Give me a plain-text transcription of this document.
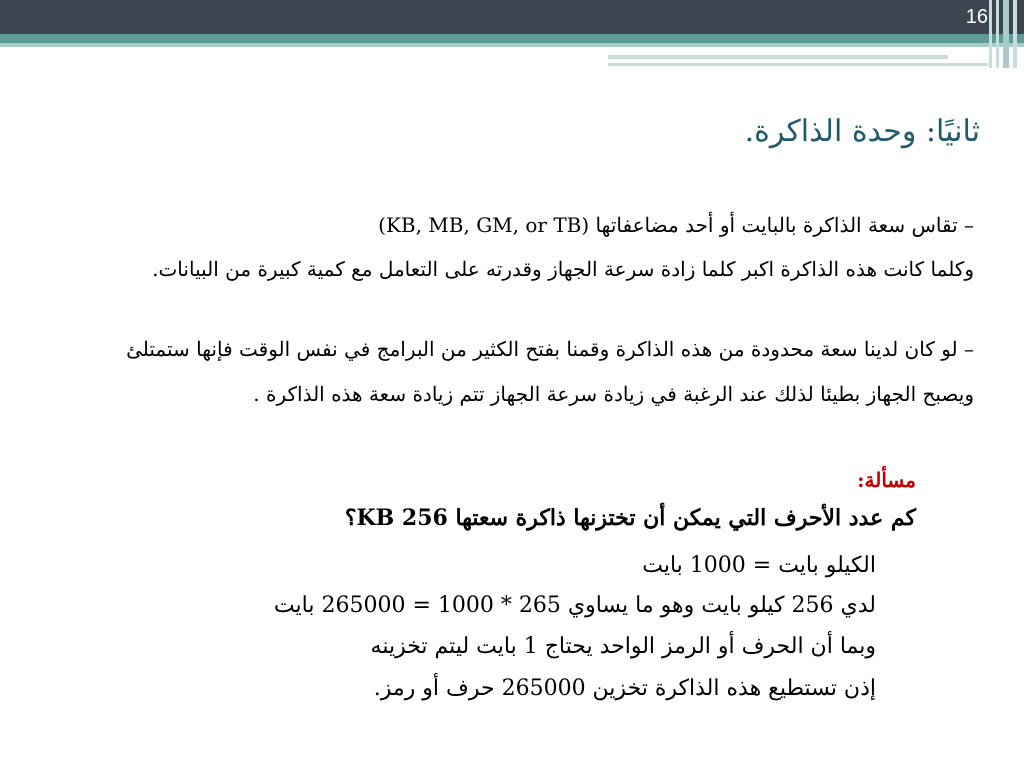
16
ثانيًا: وحدة الذاكرة.
– تقاس سعة الذاكرة بالبايت أو أحد مضاعفاتها (KB, MB, GM, or TB)
وكلما كانت هذه الذاكرة اكبر كلما زادة سرعة الجهاز وقدرته على التعامل مع كمية كبيرة من البيانات.
– لو كان لدينا سعة محدودة من هذه الذاكرة وقمنا بفتح الكثير من البرامج في نفس الوقت فإنها ستمتلئ
ويصبح الجهاز بطيئا لذلك عند الرغبة في زيادة سرعة الجهاز تتم زيادة سعة هذه الذاكرة .
مسألة:
كم عدد الأحرف التي يمكن أن تختزنها ذاكرة سعتها 256 KB؟
الكيلو بايت = 1000 بايت
لدي 256 كيلو بايت وهو ما يساوي 265 * 1000 = 265000 بايت
وبما أن الحرف أو الرمز الواحد يحتاج 1 بايت ليتم تخزينه
إذن تستطيع هذه الذاكرة تخزين 265000 حرف أو رمز.
